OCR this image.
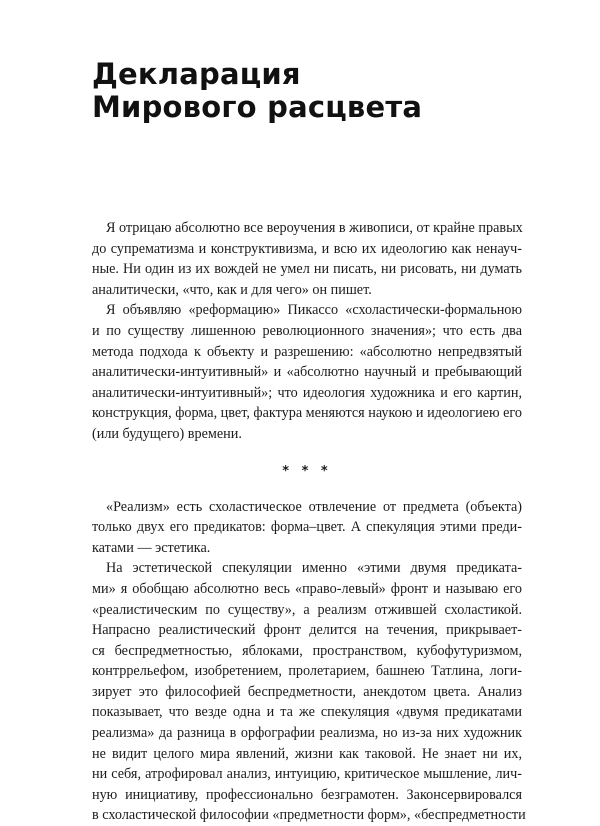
Декларация
Мирового расцвета
Я отрицаю абсолютно все вероучения в живописи, от крайне правых
до супрематизма и конструктивизма, и всю их идеологию как ненауч-
ные. Ни один из их вождей не умел ни писать, ни рисовать, ни думать
аналитически, «что, как и для чего» он пишет.
Я объявляю «реформацию» Пикассо «схоластически-формальною
и по существу лишенною революционного значения»; что есть два
метода подхода к объекту и разрешению: «абсолютно непредвзятый
аналитически-интуитивный» и «абсолютно научный и пребывающий
аналитически-интуитивный»; что идеология художника и его картин,
конструкция, форма, цвет, фактура меняются наукою и идеологиею его
(или будущего) времени.
* * *
«Реализм» есть схоластическое отвлечение от предмета (объекта)
только двух его предикатов: форма–цвет. А спекуляция этими преди-
катами — эстетика.
На эстетической спекуляции именно «этими двумя предиката-
ми» я обобщаю абсолютно весь «право-левый» фронт и называю его
«реалистическим по существу», а реализм отжившей схоластикой.
Напрасно реалистический фронт делится на течения, прикрывает-
ся беспредметностью, яблоками, пространством, кубофутуризмом,
контррельефом, изобретением, пролетарием, башнею Татлина, логи-
зирует это философией беспредметности, анекдотом цвета. Анализ
показывает, что везде одна и та же спекуляция «двумя предикатами
реализма» да разница в орфографии реализма, но из-за них художник
не видит целого мира явлений, жизни как таковой. Не знает ни их,
ни себя, атрофировал анализ, интуицию, критическое мышление, лич-
ную инициативу, профессионально безграмотен. Законсервировался
в схоластической философии «предметности форм», «беспредметности
